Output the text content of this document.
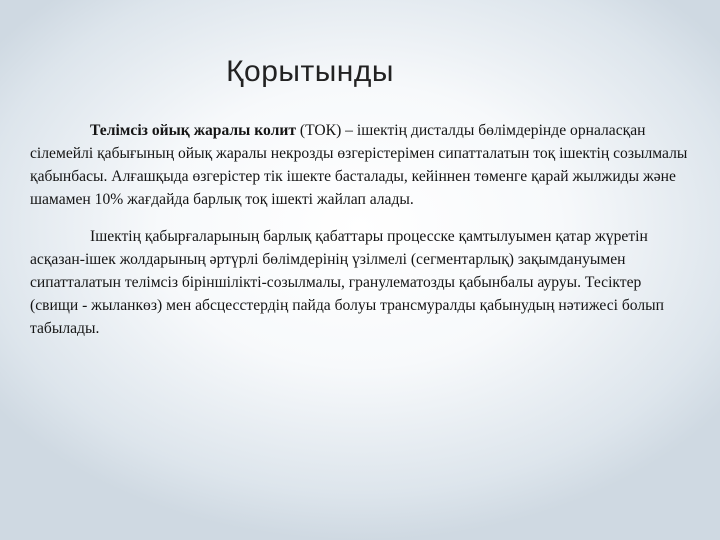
Қорытынды

Телімсіз ойық жаралы колит (ТОК) – ішектің дисталды бөлімдерінде орналасқан сілемейлі қабығының ойық жаралы некрозды өзгерістерімен сипатталатын тоқ ішектің созылмалы қабынбасы. Алғашқыда өзгерістер тік ішекте басталады, кейіннен төменге қарай жылжиды және шамамен 10% жағдайда барлық тоқ ішекті жайлап алады.

Ішектің қабырғаларының барлық қабаттары процесске қамтылуымен қатар жүретін асқазан-ішек жолдарының әртүрлі бөлімдерінің үзілмелі (сегментарлық) зақымдануымен сипатталатын телімсіз біріншілікті-созылмалы, гранулематозды қабынбалы ауруы. Тесіктер (свищи - жыланкөз) мен абсцесстердің пайда болуы трансмуралды қабынудың нәтижесі болып табылады.
